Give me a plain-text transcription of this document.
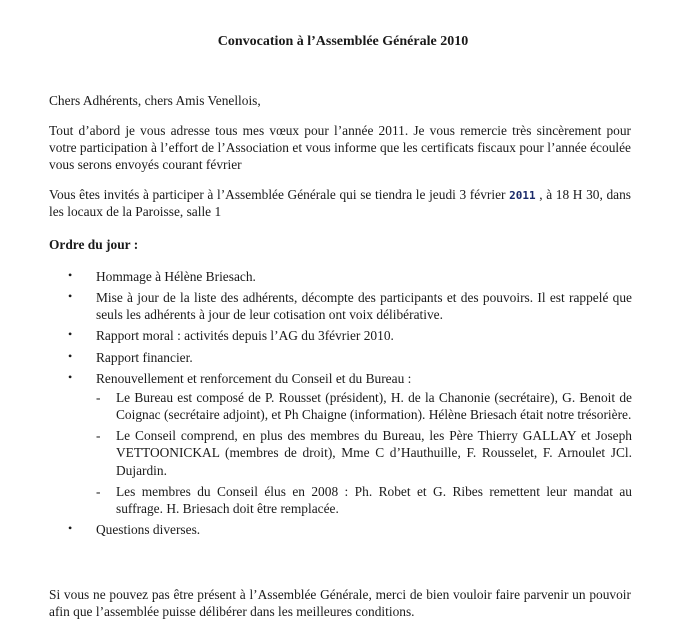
Convocation à l’Assemblée Générale 2010
Chers Adhérents, chers Amis Venellois,
Tout d’abord je vous adresse tous mes vœux pour l’année 2011. Je vous remercie très sincèrement pour votre participation à l’effort de l’Association et vous informe que les certificats fiscaux pour l’année écoulée vous serons envoyés courant février
Vous êtes invités à participer à l’Assemblée Générale qui se tiendra le jeudi 3 février 2011 , à 18 H 30, dans les locaux de la Paroisse, salle 1
Ordre du jour :
•	Hommage à Hélène Briesach.
•	Mise à jour de la liste des adhérents, décompte des participants et des pouvoirs. Il est rappelé que seuls les adhérents à jour de leur cotisation ont voix délibérative.
•	Rapport moral : activités depuis l’AG du 3février 2010.
•	Rapport financier.
•	Renouvellement et renforcement du Conseil et du Bureau :
- Le Bureau est composé de P. Rousset (président), H. de la Chanonie (secrétaire), G. Benoit de Coignac (secrétaire adjoint), et Ph Chaigne (information). Hélène Briesach était notre trésorière.
- Le Conseil comprend, en plus des membres du Bureau, les Père Thierry GALLAY et Joseph VETTOONICKAL (membres de droit), Mme C d’Hauthuille, F. Rousselet, F. Arnoulet JCl. Dujardin.
- Les membres du Conseil élus en 2008 : Ph. Robet et G. Ribes remettent leur mandat au suffrage. H. Briesach doit être remplacée.
•	Questions diverses.
Si vous ne pouvez pas être présent à l’Assemblée Générale, merci de bien vouloir faire parvenir un pouvoir afin que l’assemblée puisse délibérer dans les meilleures conditions.
